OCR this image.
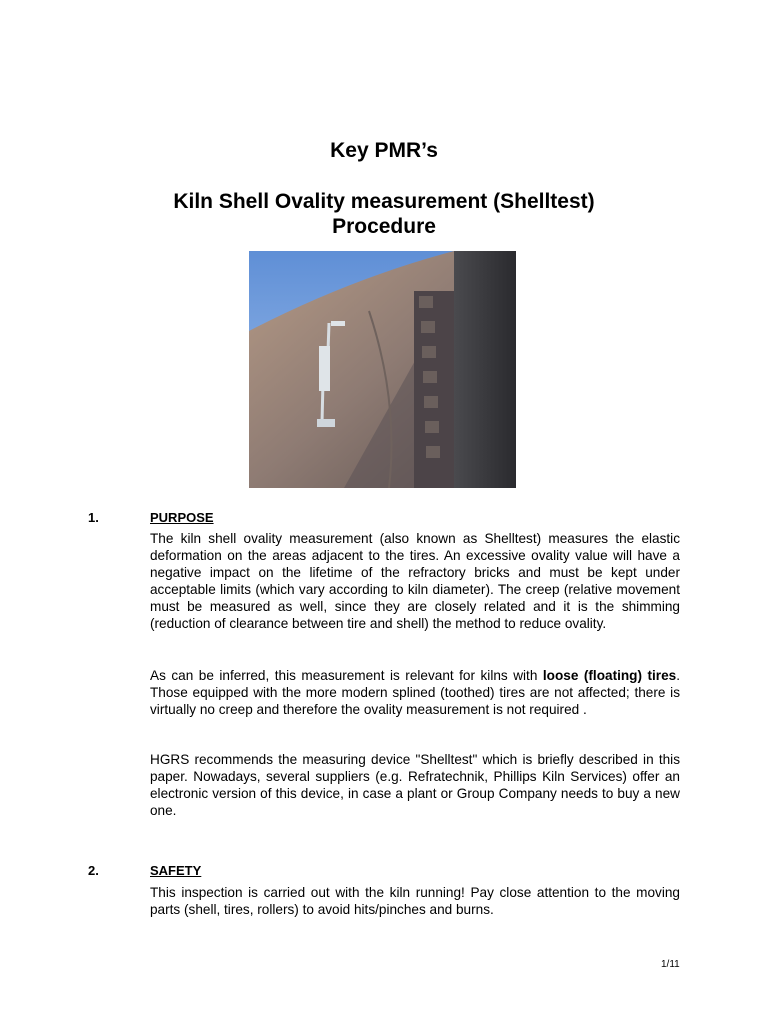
Key PMR’s
Kiln Shell Ovality measurement (Shelltest)
Procedure
1.	PURPOSE

The kiln shell ovality measurement (also known as Shelltest) measures the elastic deformation on the areas adjacent to the tires. An excessive ovality value will have a negative impact on the lifetime of the refractory bricks and must be kept under acceptable limits (which vary according to kiln diameter). The creep (relative movement must be measured as well, since they are closely related and it is the shimming (reduction of clearance between tire and shell) the method to reduce ovality.

As can be inferred, this measurement is relevant for kilns with loose (floating) tires. Those equipped with the more modern splined (toothed) tires are not affected; there is virtually no creep and therefore the ovality measurement is not required .

HGRS recommends the measuring device "Shelltest" which is briefly described in this paper. Nowadays, several suppliers (e.g. Refratechnik, Phillips Kiln Services) offer an electronic version of this device, in case a plant or Group Company needs to buy a new one.

2.	SAFETY

This inspection is carried out with the kiln running! Pay close attention to the moving parts (shell, tires, rollers) to avoid hits/pinches and burns.

1/11
